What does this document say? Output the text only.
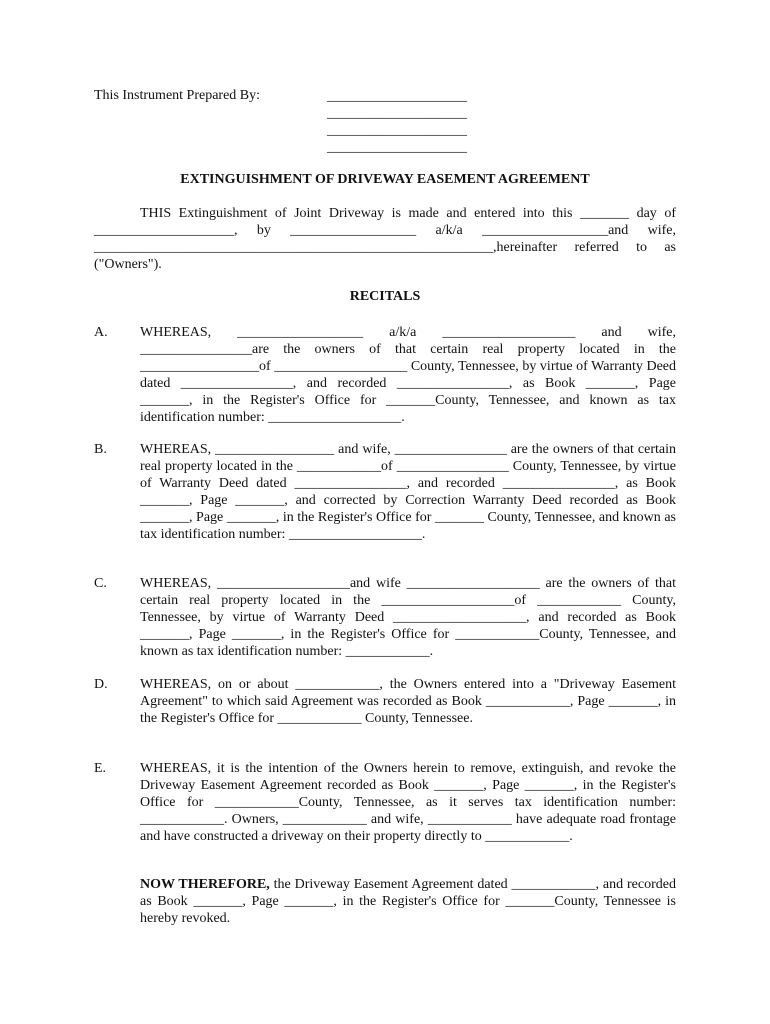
This Instrument Prepared By:	____________________
____________________
____________________
____________________
EXTINGUISHMENT OF DRIVEWAY EASEMENT AGREEMENT
THIS Extinguishment of Joint Driveway is made and entered into this _______ day of ____________________, by __________________ a/k/a __________________and wife, _________________________________________________________,hereinafter referred to as ("Owners").
RECITALS
A. WHEREAS, __________________ a/k/a ___________________ and wife, ________________are the owners of that certain real property located in the _________________of ___________________ County, Tennessee, by virtue of Warranty Deed dated ________________, and recorded ________________, as Book _______, Page _______, in the Register's Office for _______County, Tennessee, and known as tax identification number: ___________________.
B. WHEREAS, _________________ and wife, ________________ are the owners of that certain real property located in the ____________of ________________ County, Tennessee, by virtue of Warranty Deed dated ________________, and recorded ________________, as Book _______, Page _______, and corrected by Correction Warranty Deed recorded as Book _______, Page _______, in the Register's Office for _______ County, Tennessee, and known as tax identification number: ___________________.
C. WHEREAS, ___________________and wife ___________________ are the owners of that certain real property located in the ___________________of ____________ County, Tennessee, by virtue of Warranty Deed ___________________, and recorded as Book _______, Page _______, in the Register's Office for ____________County, Tennessee, and known as tax identification number: ____________.
D. WHEREAS, on or about ____________, the Owners entered into a "Driveway Easement Agreement" to which said Agreement was recorded as Book ____________, Page _______, in the Register's Office for ____________ County, Tennessee.
E. WHEREAS, it is the intention of the Owners herein to remove, extinguish, and revoke the Driveway Easement Agreement recorded as Book _______, Page _______, in the Register's Office for ____________County, Tennessee, as it serves tax identification number: ____________. Owners, ____________ and wife, ____________ have adequate road frontage and have constructed a driveway on their property directly to ____________.
NOW THEREFORE, the Driveway Easement Agreement dated ____________, and recorded as Book _______, Page _______, in the Register's Office for _______County, Tennessee is hereby revoked.
